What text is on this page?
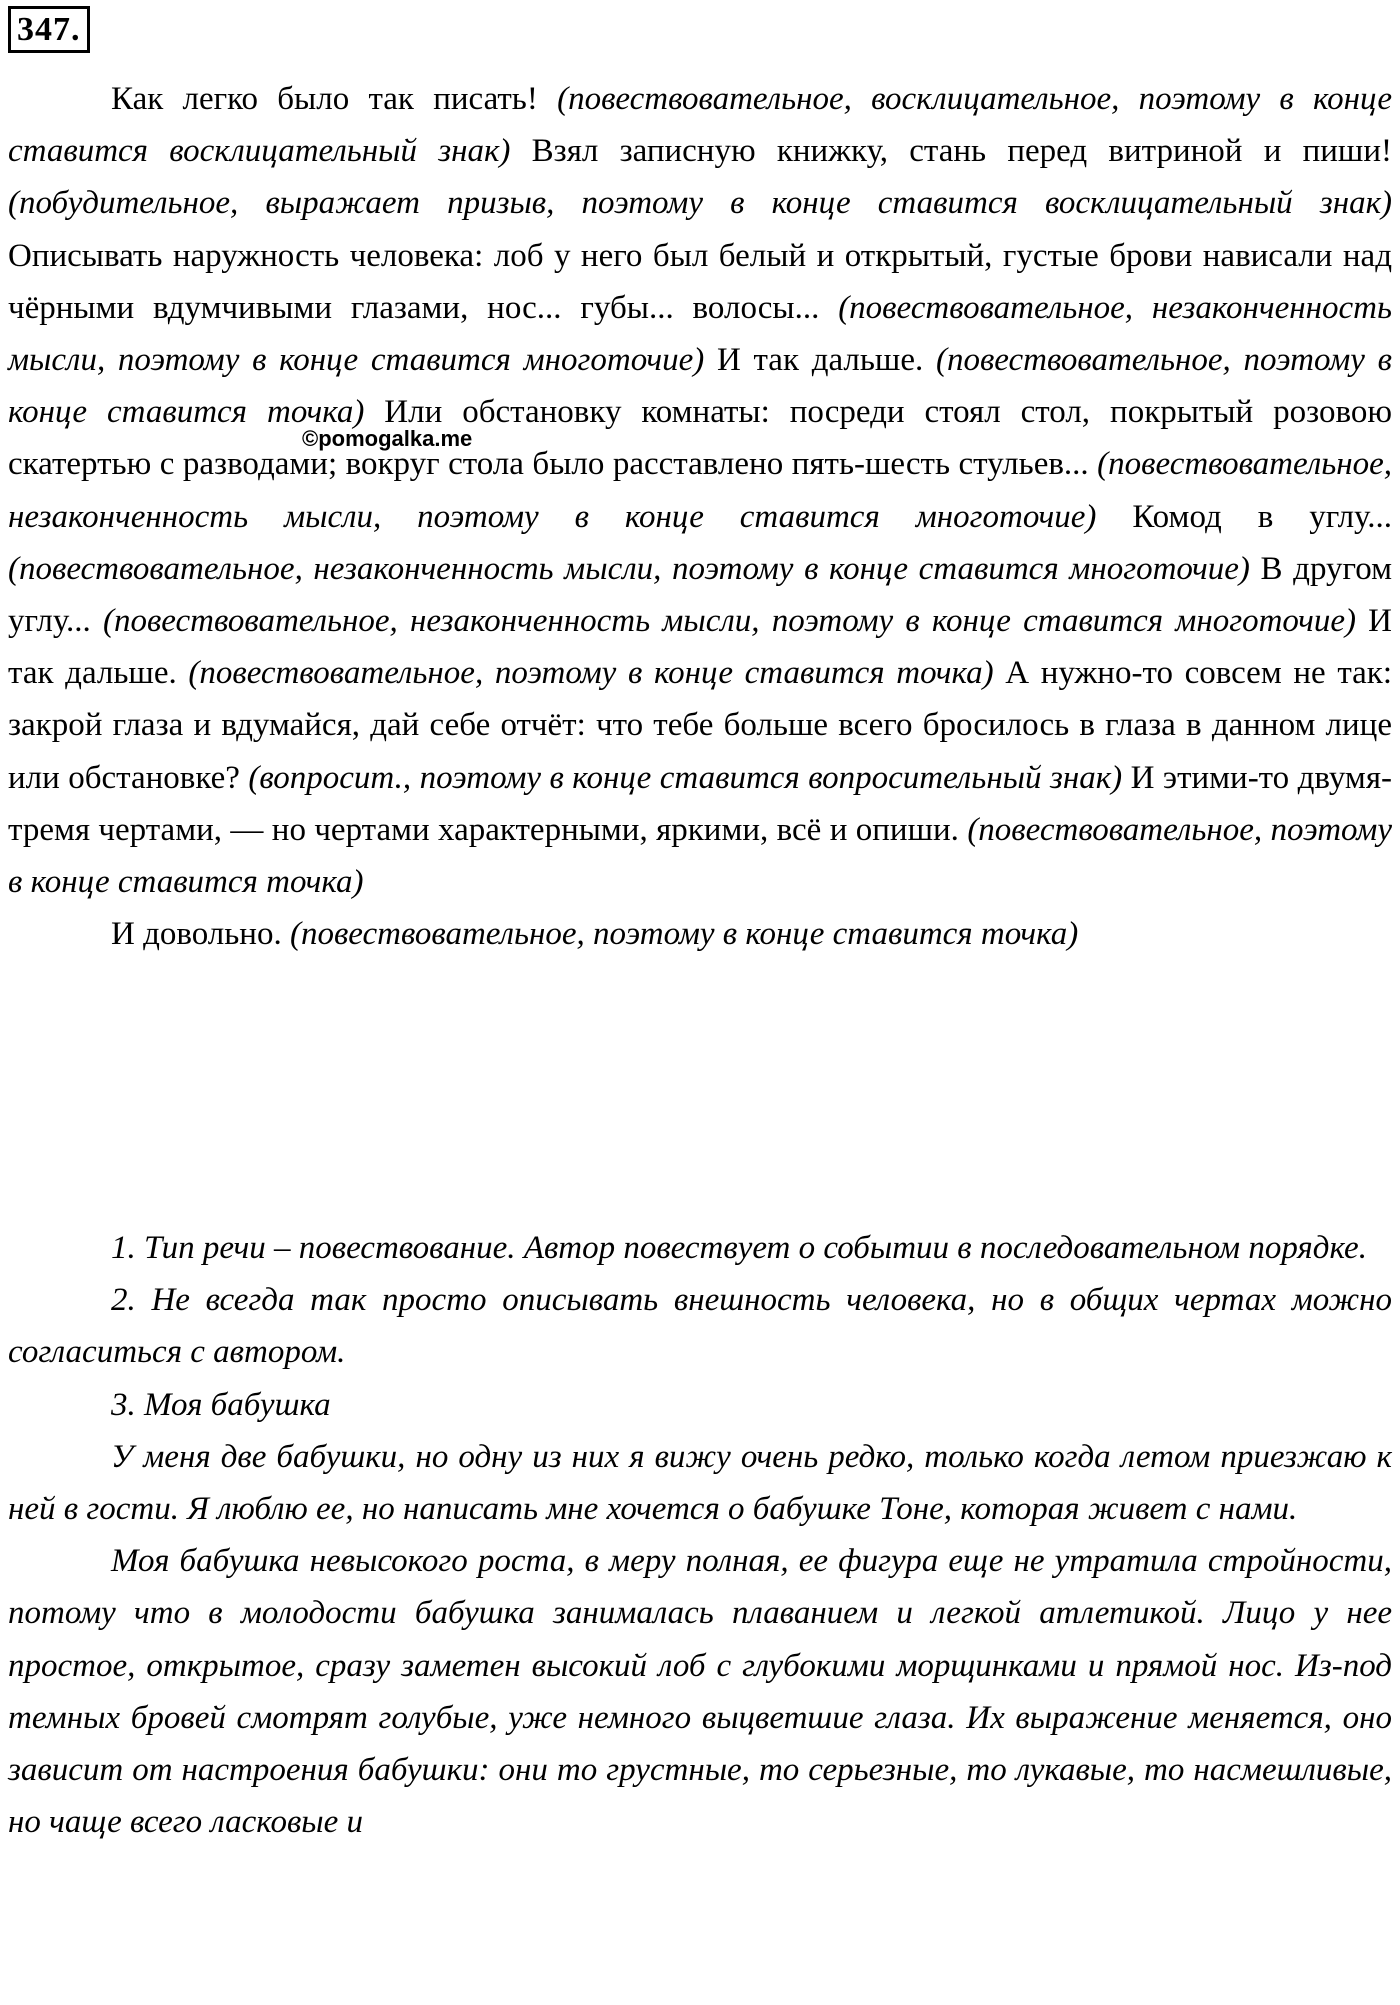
347.

Как легко было так писать! (повествовательное, восклицательное, поэтому в конце ставится восклицательный знак) Взял записную книжку, стань перед витриной и пиши! (побудительное, выражает призыв, поэтому в конце ставится восклицательный знак) Описывать наружность человека: лоб у него был белый и открытый, густые брови нависали над чёрными вдумчивыми глазами, нос... губы... волосы... (повествовательное, незаконченность мысли, поэтому в конце ставится многоточие) И так дальше. (повествовательное, поэтому в конце ставится точка) Или обстановку комнаты: посреди стоял стол, покрытый розовою скатертью с разводами; вокруг стола было расставлено пять-шесть стульев... (повествовательное, незаконченность мысли, поэтому в конце ставится многоточие) Комод в углу... (повествовательное, незаконченность мысли, поэтому в конце ставится многоточие) В другом углу... (повествовательное, незаконченность мысли, поэтому в конце ставится многоточие) И так дальше. (повествовательное, поэтому в конце ставится точка) А нужно-то совсем не так: закрой глаза и вдумайся, дай себе отчёт: что тебе больше всего бросилось в глаза в данном лице или обстановке? (вопросит., поэтому в конце ставится вопросительный знак) И этими-то двумя-тремя чертами, — но чертами характерными, яркими, всё и опиши. (повествовательное, поэтому в конце ставится точка)

И довольно. (повествовательное, поэтому в конце ставится точка)

©pomogalka.me

1. Тип речи – повествование. Автор повествует о событии в последовательном порядке.

2. Не всегда так просто описывать внешность человека, но в общих чертах можно согласиться с автором.

3. Моя бабушка

У меня две бабушки, но одну из них я вижу очень редко, только когда летом приезжаю к ней в гости. Я люблю ее, но написать мне хочется о бабушке Тоне, которая живет с нами.

Моя бабушка невысокого роста, в меру полная, ее фигура еще не утратила стройности, потому что в молодости бабушка занималась плаванием и легкой атлетикой. Лицо у нее простое, открытое, сразу заметен высокий лоб с глубокими морщинками и прямой нос. Из-под темных бровей смотрят голубые, уже немного выцветшие глаза. Их выражение меняется, оно зависит от настроения бабушки: они то грустные, то серьезные, то лукавые, то насмешливые, но чаще всего ласковые и
